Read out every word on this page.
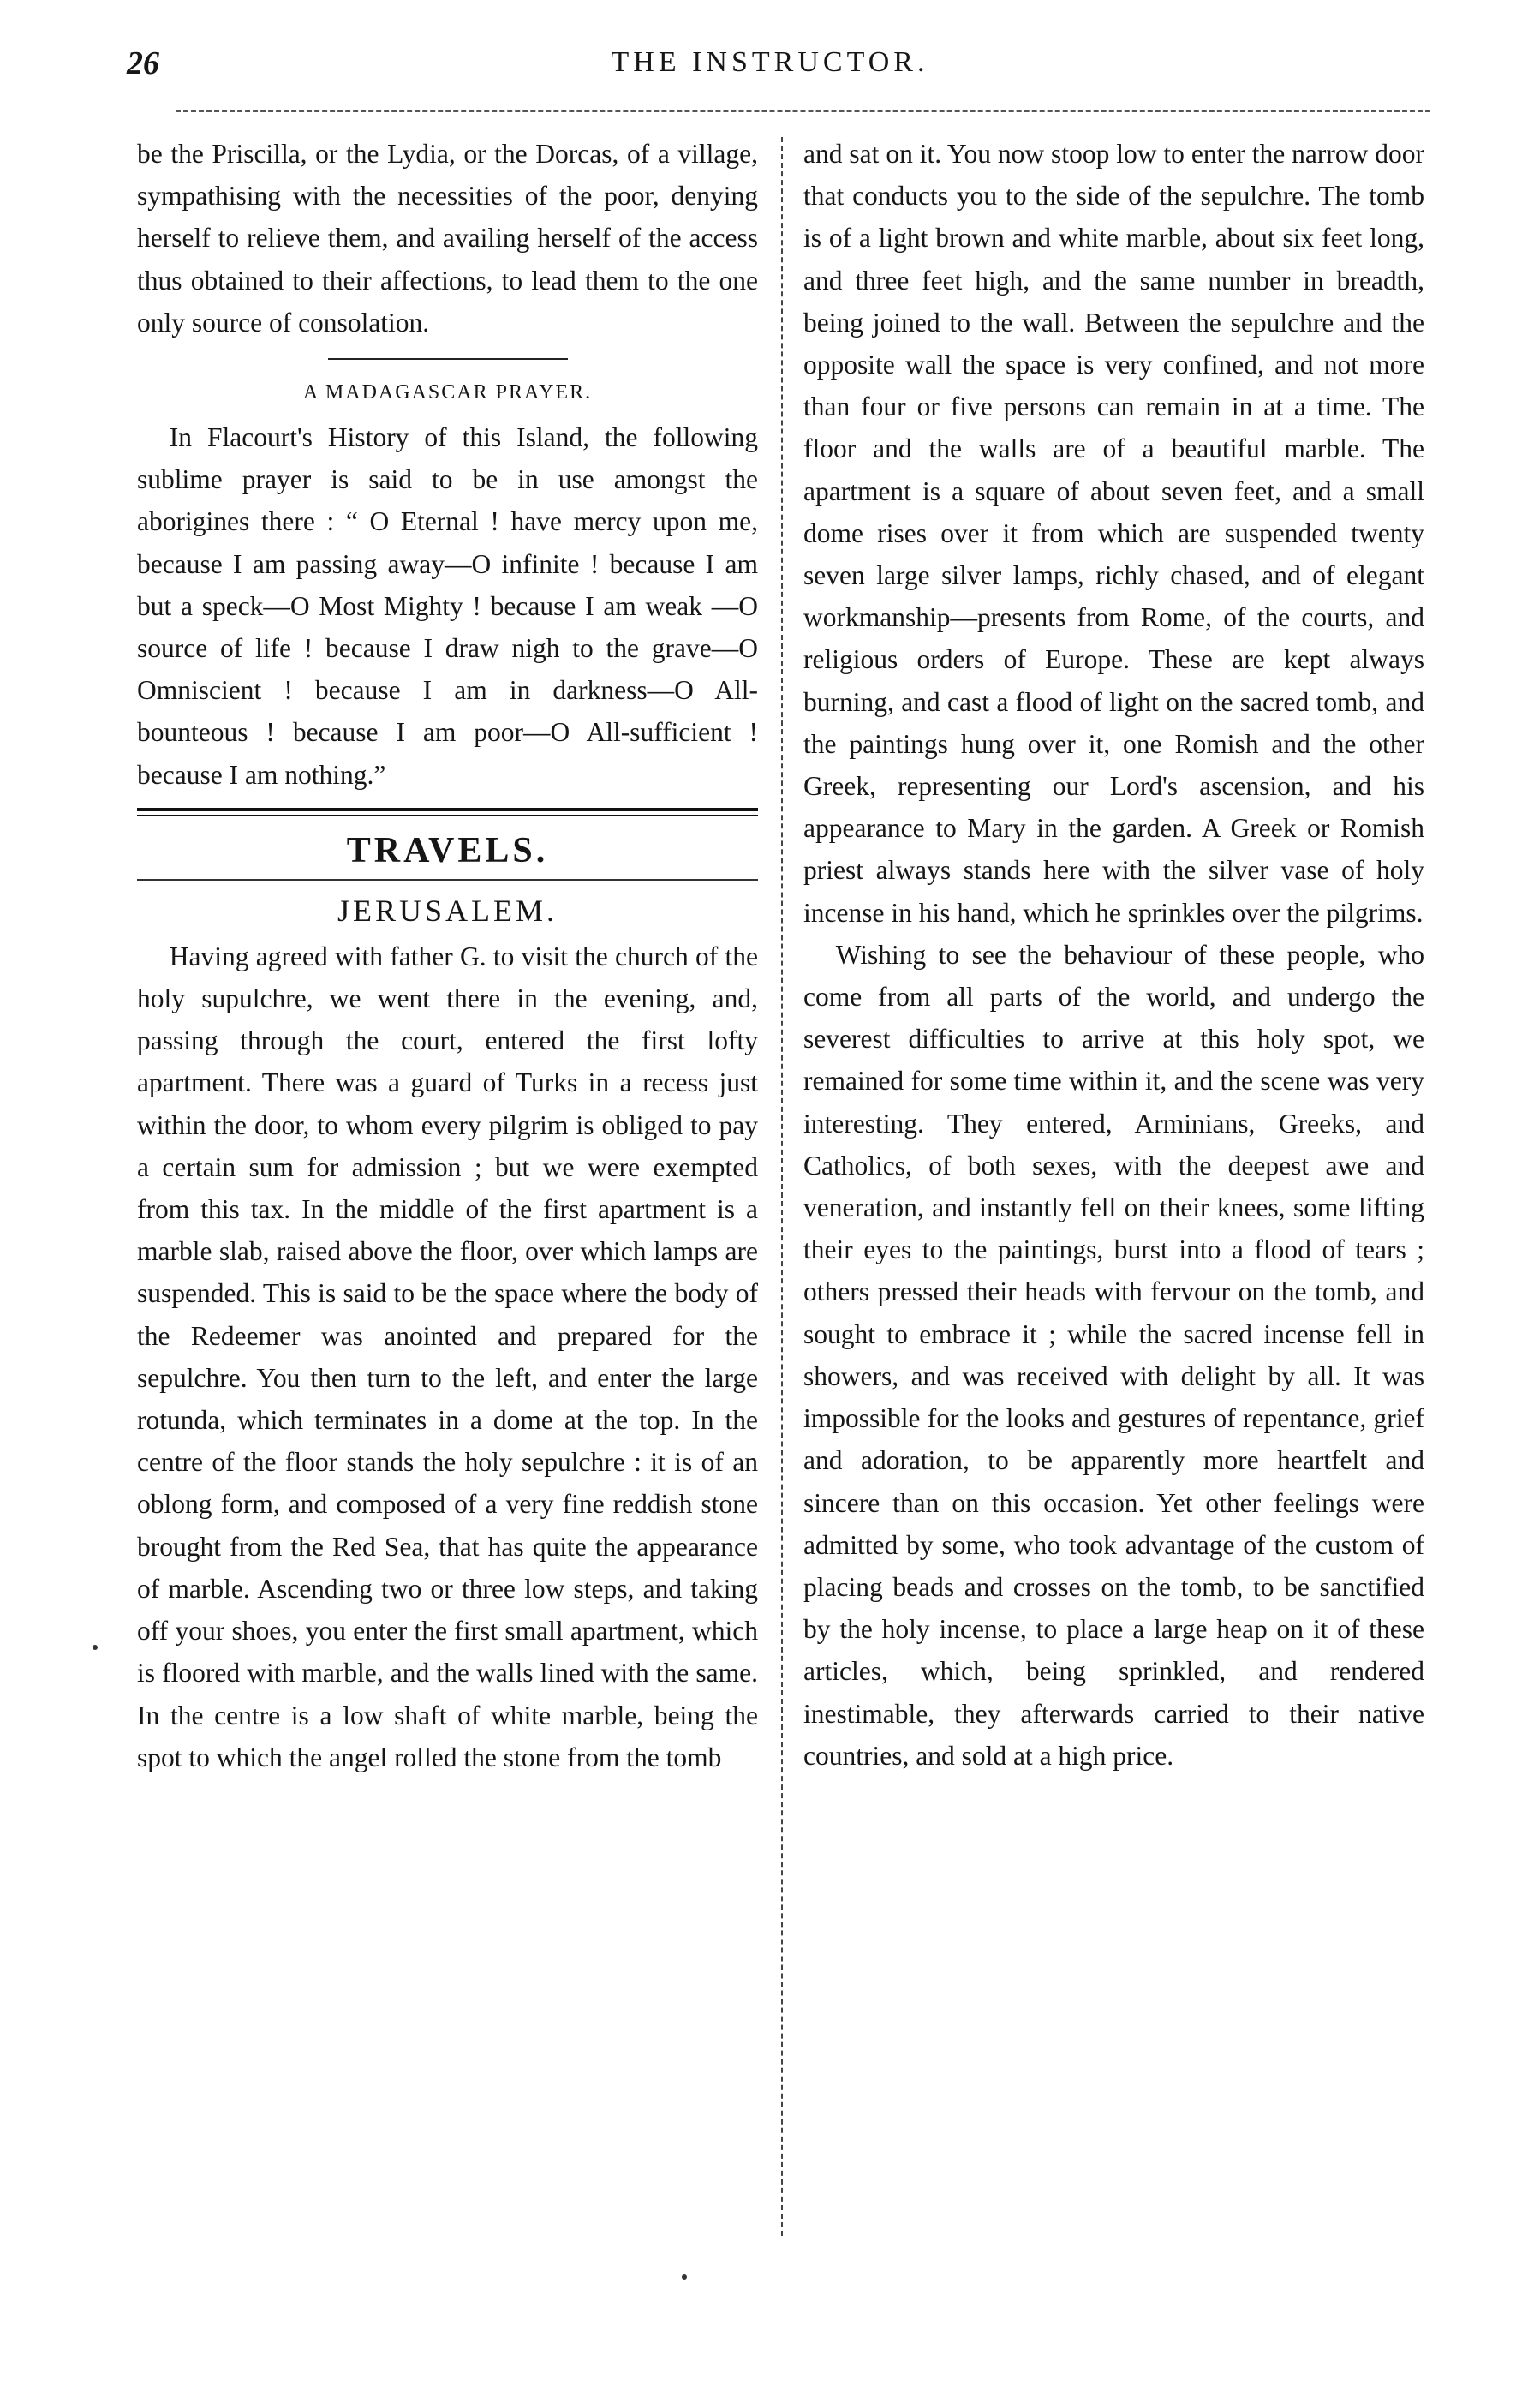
26	THE INSTRUCTOR.

be the Priscilla, or the Lydia, or the Dorcas, of a village, sympathising with the necessities of the poor, denying herself to relieve them, and availing herself of the access thus obtained to their affections, to lead them to the one only source of consolation.

A MADAGASCAR PRAYER.

In Flacourt's History of this Island, the following sublime prayer is said to be in use amongst the aborigines there : “ O Eternal ! have mercy upon me, because I am passing away—O infinite ! because I am but a speck—O Most Mighty ! because I am weak —O source of life ! because I draw nigh to the grave—O Omniscient ! because I am in darkness—O All-bounteous ! because I am poor—O All-sufficient ! because I am nothing.”

TRAVELS.
JERUSALEM.

Having agreed with father G. to visit the church of the holy supulchre, we went there in the evening, and, passing through the court, entered the first lofty apartment. There was a guard of Turks in a recess just within the door, to whom every pilgrim is obliged to pay a certain sum for admission ; but we were exempted from this tax. In the middle of the first apartment is a marble slab, raised above the floor, over which lamps are suspended. This is said to be the space where the body of the Redeemer was anointed and prepared for the sepulchre. You then turn to the left, and enter the large rotunda, which terminates in a dome at the top. In the centre of the floor stands the holy sepulchre : it is of an oblong form, and composed of a very fine reddish stone brought from the Red Sea, that has quite the appearance of marble. Ascending two or three low steps, and taking off your shoes, you enter the first small apartment, which is floored with marble, and the walls lined with the same. In the centre is a low shaft of white marble, being the spot to which the angel rolled the stone from the tomb

and sat on it. You now stoop low to enter the narrow door that conducts you to the side of the sepulchre. The tomb is of a light brown and white marble, about six feet long, and three feet high, and the same number in breadth, being joined to the wall. Between the sepulchre and the opposite wall the space is very confined, and not more than four or five persons can remain in at a time. The floor and the walls are of a beautiful marble. The apartment is a square of about seven feet, and a small dome rises over it from which are suspended twenty seven large silver lamps, richly chased, and of elegant workmanship—presents from Rome, of the courts, and religious orders of Europe. These are kept always burning, and cast a flood of light on the sacred tomb, and the paintings hung over it, one Romish and the other Greek, representing our Lord's ascension, and his appearance to Mary in the garden. A Greek or Romish priest always stands here with the silver vase of holy incense in his hand, which he sprinkles over the pilgrims.

Wishing to see the behaviour of these people, who come from all parts of the world, and undergo the severest difficulties to arrive at this holy spot, we remained for some time within it, and the scene was very interesting. They entered, Arminians, Greeks, and Catholics, of both sexes, with the deepest awe and veneration, and instantly fell on their knees, some lifting their eyes to the paintings, burst into a flood of tears ; others pressed their heads with fervour on the tomb, and sought to embrace it ; while the sacred incense fell in showers, and was received with delight by all. It was impossible for the looks and gestures of repentance, grief and adoration, to be apparently more heartfelt and sincere than on this occasion. Yet other feelings were admitted by some, who took advantage of the custom of placing beads and crosses on the tomb, to be sanctified by the holy incense, to place a large heap on it of these articles, which, being sprinkled, and rendered inestimable, they afterwards carried to their native countries, and sold at a high price.
